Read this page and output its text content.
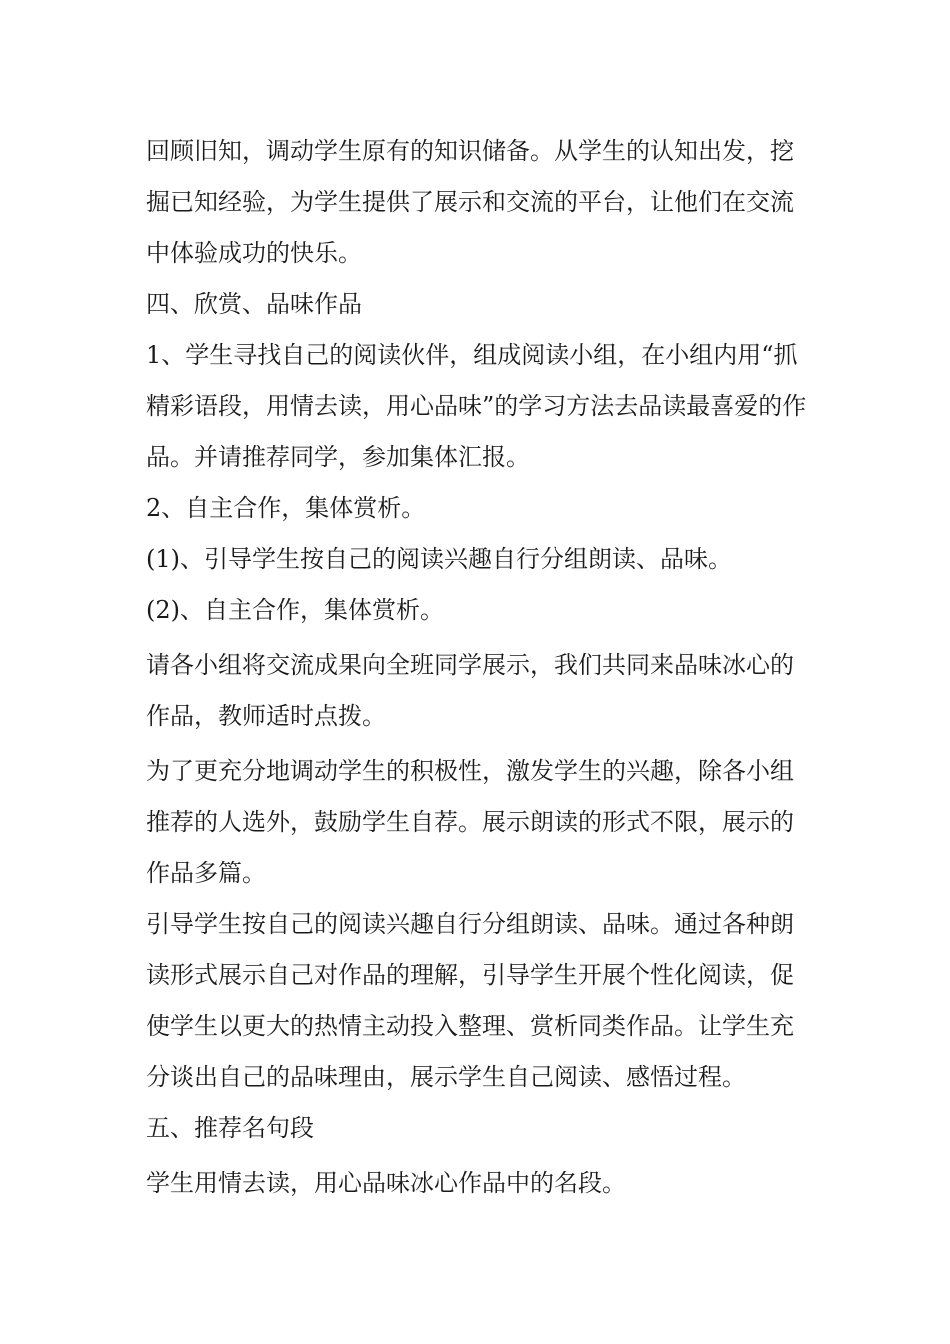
回顾旧知，调动学生原有的知识储备。从学生的认知出发，挖掘已知经验，为学生提供了展示和交流的平台，让他们在交流中体验成功的快乐。

四、欣赏、品味作品

1、学生寻找自己的阅读伙伴，组成阅读小组，在小组内用“抓精彩语段，用情去读，用心品味”的学习方法去品读最喜爱的作品。并请推荐同学，参加集体汇报。

2、自主合作，集体赏析。

(1)、引导学生按自己的阅读兴趣自行分组朗读、品味。

(2)、自主合作，集体赏析。

请各小组将交流成果向全班同学展示，我们共同来品味冰心的作品，教师适时点拨。

为了更充分地调动学生的积极性，激发学生的兴趣，除各小组推荐的人选外，鼓励学生自荐。展示朗读的形式不限，展示的作品多篇。

引导学生按自己的阅读兴趣自行分组朗读、品味。通过各种朗读形式展示自己对作品的理解，引导学生开展个性化阅读，促使学生以更大的热情主动投入整理、赏析同类作品。让学生充分谈出自己的品味理由，展示学生自己阅读、感悟过程。

五、推荐名句段

学生用情去读，用心品味冰心作品中的名段。
